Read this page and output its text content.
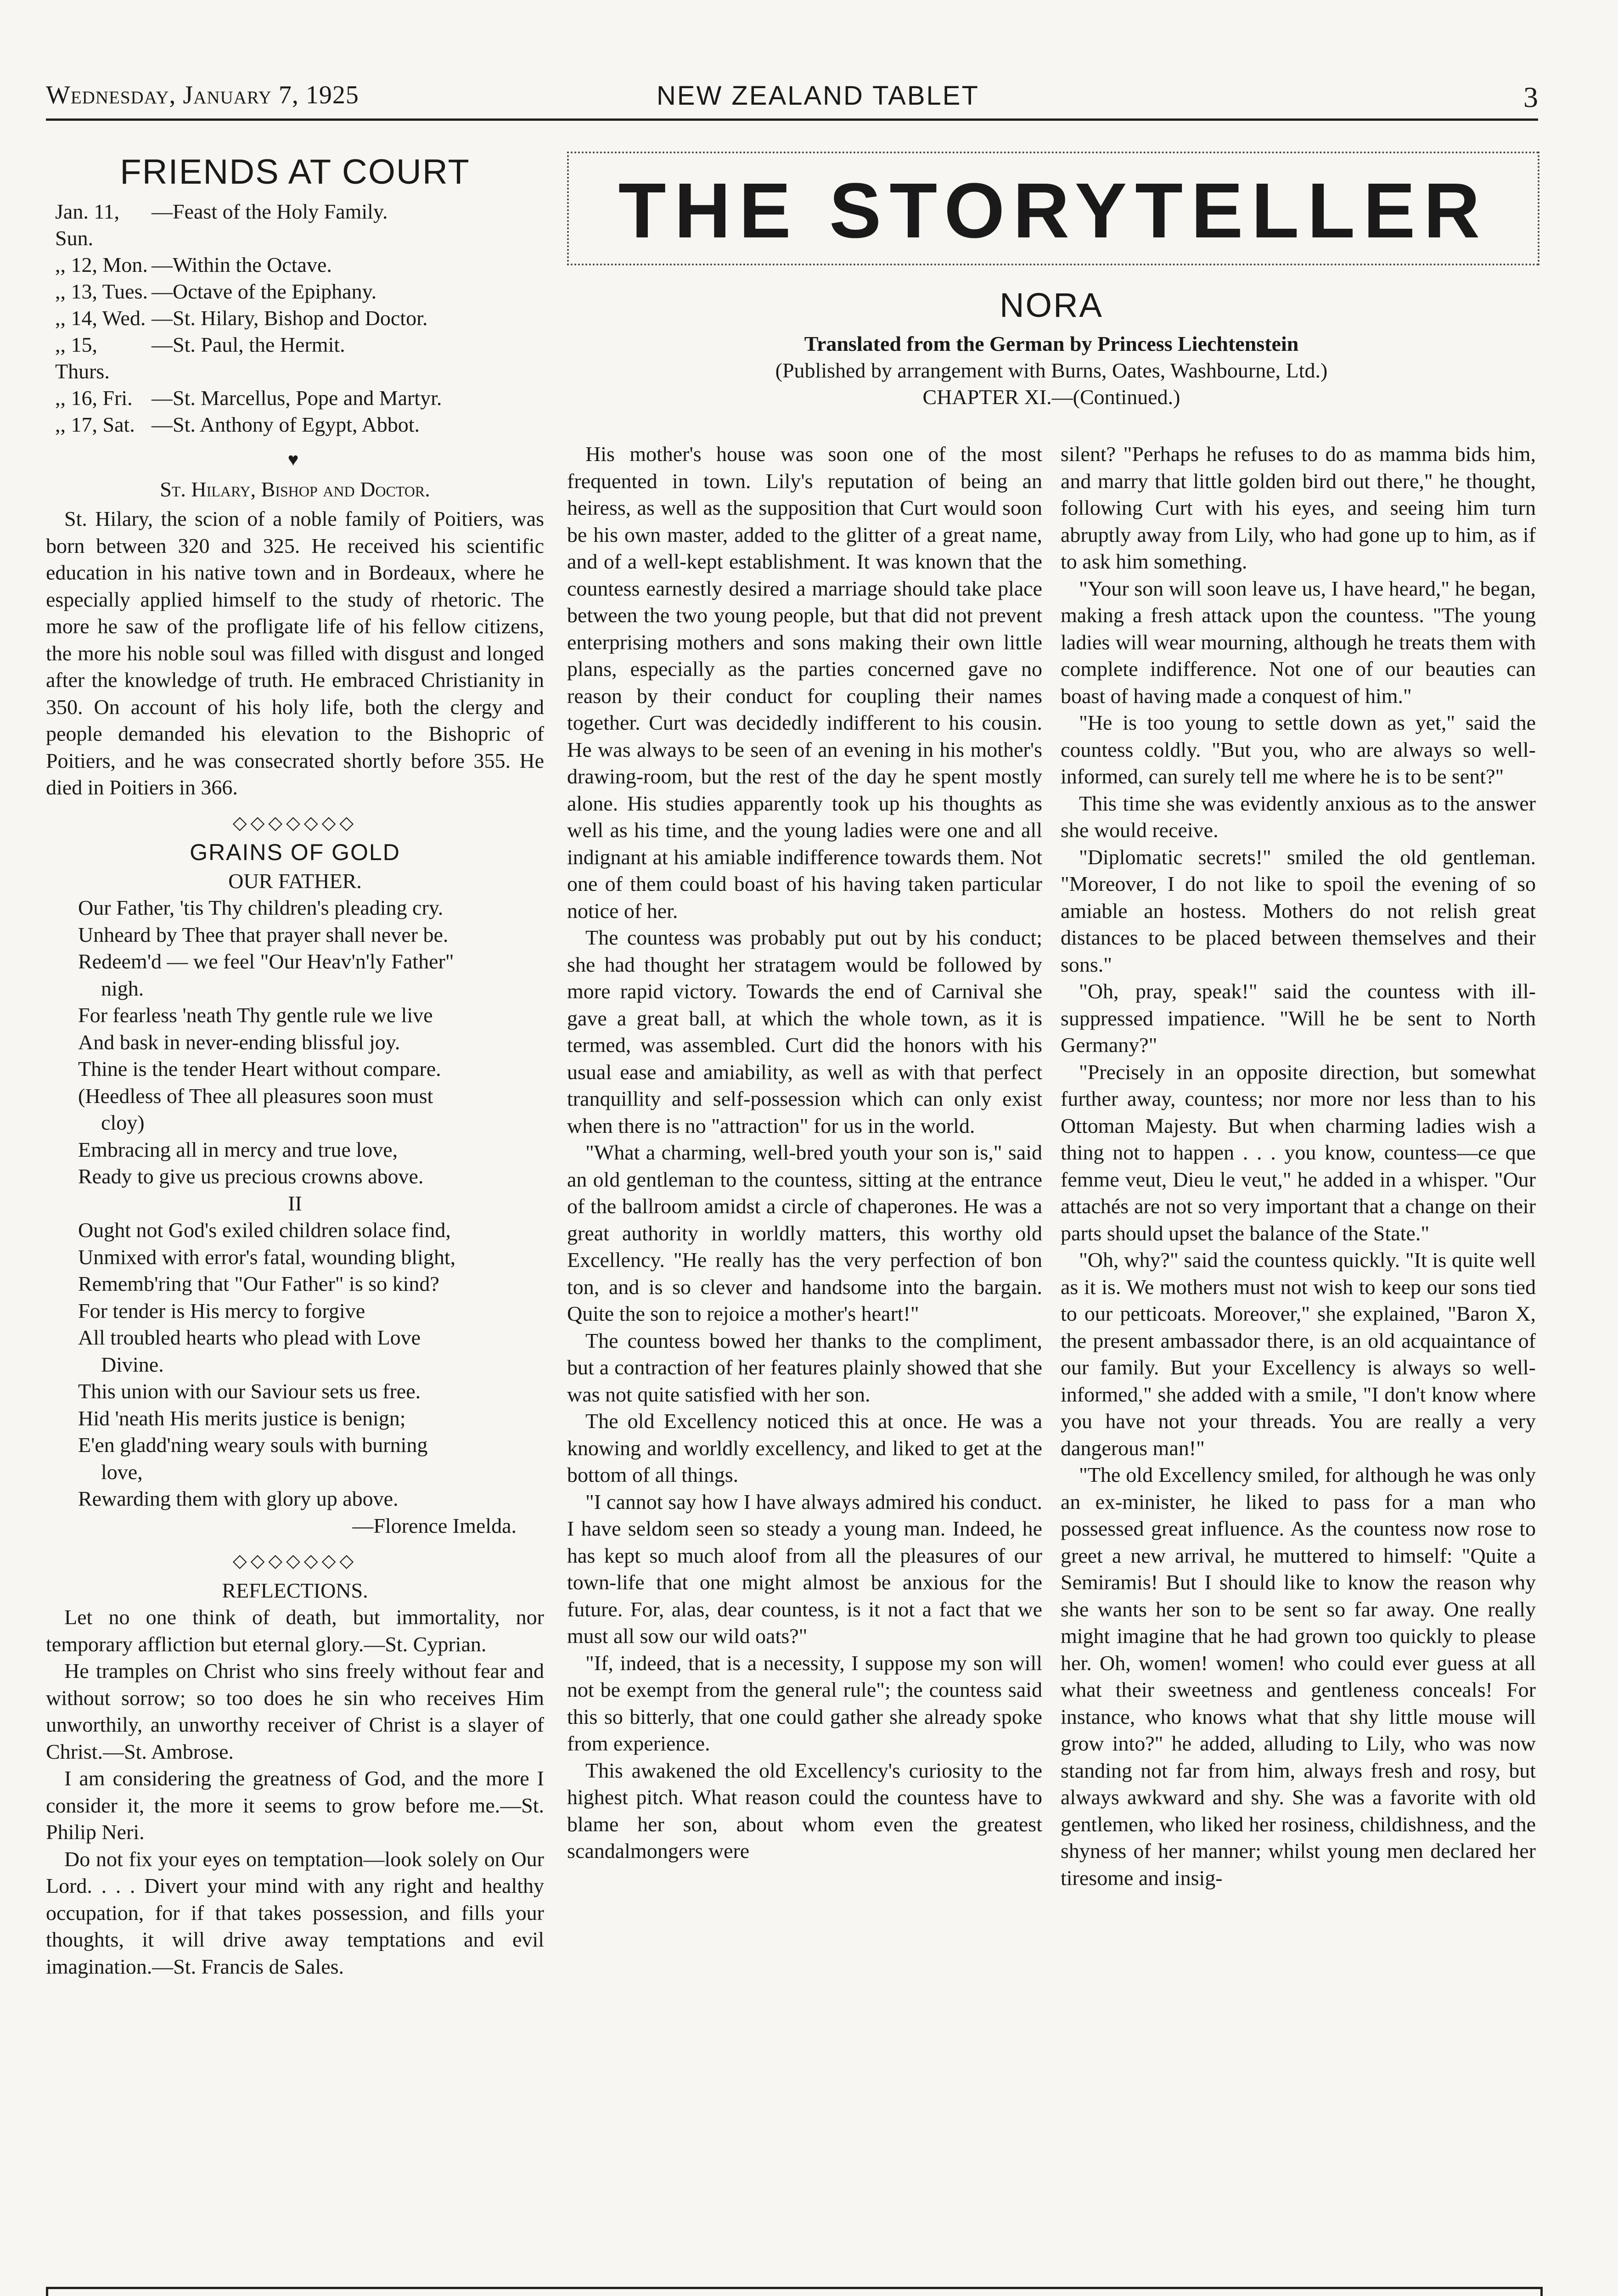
Wednesday, January 7, 1925	NEW ZEALAND TABLET	3
FRIENDS AT COURT
Jan. 11, Sun.
—Feast of the Holy Family.
,, 12, Mon. —Within the Octave.
,, 13, Tues. —Octave of the Epiphany.
,, 14, Wed. —St. Hilary, Bishop and Doctor.
,, 15, Thurs.
—St. Paul, the Hermit.
,, 16, Fri. —St. Marcellus, Pope and Martyr.
,, 17, Sat. —St. Anthony of Egypt, Abbot.
♥
St. Hilary, Bishop and Doctor.

St. Hilary, the scion of a noble family of Poitiers, was born between 320 and 325. He received his scientific education in his native town and in Bordeaux, where he especially applied himself to the study of rhetoric. The more he saw of the profligate life of his fellow citizens, the more his noble soul was filled with disgust and longed after the knowledge of truth. He embraced Christianity in 350. On account of his holy life, both the clergy and people demanded his elevation to the Bishopric of Poitiers, and he was consecrated shortly before 355. He died in Poitiers in 366.

◇◇◇◇◇◇◇
GRAINS OF GOLD
OUR FATHER.

Our Father, 'tis Thy children's pleading cry.

Unheard by Thee that prayer shall never be.

Redeem'd — we feel "Our Heav'n'ly Father"

nigh.

For fearless 'neath Thy gentle rule we live

And bask in never-ending blissful joy.

Thine is the tender Heart without compare.

(Heedless of Thee all pleasures soon must

cloy)

Embracing all in mercy and true love,

Ready to give us precious crowns above.

II

Ought not God's exiled children solace find,

Unmixed with error's fatal, wounding blight,

Rememb'ring that "Our Father" is so kind?

For tender is His mercy to forgive

All troubled hearts who plead with Love

Divine.

This union with our Saviour sets us free.

Hid 'neath His merits justice is benign;

E'en gladd'ning weary souls with burning

love,

Rewarding them with glory up above.

—Florence Imelda.
◇◇◇◇◇◇◇
REFLECTIONS.

Let no one think of death, but immortality, nor temporary affliction but eternal glory.—St. Cyprian.

He tramples on Christ who sins freely without fear and without sorrow; so too does he sin who receives Him unworthily, an unworthy receiver of Christ is a slayer of Christ.—St. Ambrose.

I am considering the greatness of God, and the more I consider it, the more it seems to grow before me.—St. Philip Neri.

Do not fix your eyes on temptation—look solely on Our Lord. . . . Divert your mind with any right and healthy occupation, for if that takes possession, and fills your thoughts, it will drive away temptations and evil imagination.—St. Francis de Sales.

THE STORYTELLER
NORA
Translated from the German by Princess Liechtenstein
(Published by arrangement with Burns, Oates, Washbourne, Ltd.)
CHAPTER XI.—(Continued.)

His mother's house was soon one of the most frequented in town. Lily's reputation of being an heiress, as well as the supposition that Curt would soon be his own master, added to the glitter of a great name, and of a well-kept establishment. It was known that the countess earnestly desired a marriage should take place between the two young people, but that did not prevent enterprising mothers and sons making their own little plans, especially as the parties concerned gave no reason by their conduct for coupling their names together. Curt was decidedly indifferent to his cousin. He was always to be seen of an evening in his mother's drawing-room, but the rest of the day he spent mostly alone. His studies apparently took up his thoughts as well as his time, and the young ladies were one and all indignant at his amiable indifference towards them. Not one of them could boast of his having taken particular notice of her.

The countess was probably put out by his conduct; she had thought her stratagem would be followed by more rapid victory. Towards the end of Carnival she gave a great ball, at which the whole town, as it is termed, was assembled. Curt did the honors with his usual ease and amiability, as well as with that perfect tranquillity and self-possession which can only exist when there is no "attraction" for us in the world.

"What a charming, well-bred youth your son is," said an old gentleman to the countess, sitting at the entrance of the ballroom amidst a circle of chaperones. He was a great authority in worldly matters, this worthy old Excellency. "He really has the very perfection of bon ton, and is so clever and handsome into the bargain. Quite the son to rejoice a mother's heart!"

The countess bowed her thanks to the compliment, but a contraction of her features plainly showed that she was not quite satisfied with her son.

The old Excellency noticed this at once. He was a knowing and worldly excellency, and liked to get at the bottom of all things.

"I cannot say how I have always admired his conduct. I have seldom seen so steady a young man. Indeed, he has kept so much aloof from all the pleasures of our town-life that one might almost be anxious for the future. For, alas, dear countess, is it not a fact that we must all sow our wild oats?"

"If, indeed, that is a necessity, I suppose my son will not be exempt from the general rule"; the countess said this so bitterly, that one could gather she already spoke from experience.

This awakened the old Excellency's curiosity to the highest pitch. What reason could the countess have to blame her son, about whom even the greatest scandalmongers were

silent? "Perhaps he refuses to do as mamma bids him, and marry that little golden bird out there," he thought, following Curt with his eyes, and seeing him turn abruptly away from Lily, who had gone up to him, as if to ask him something.

"Your son will soon leave us, I have heard," he began, making a fresh attack upon the countess. "The young ladies will wear mourning, although he treats them with complete indifference. Not one of our beauties can boast of having made a conquest of him."

"He is too young to settle down as yet," said the countess coldly. "But you, who are always so well-informed, can surely tell me where he is to be sent?"

This time she was evidently anxious as to the answer she would receive.

"Diplomatic secrets!" smiled the old gentleman. "Moreover, I do not like to spoil the evening of so amiable an hostess. Mothers do not relish great distances to be placed between themselves and their sons."

"Oh, pray, speak!" said the countess with ill-suppressed impatience. "Will he be sent to North Germany?"

"Precisely in an opposite direction, but somewhat further away, countess; nor more nor less than to his Ottoman Majesty. But when charming ladies wish a thing not to happen . . . you know, countess—ce que femme veut, Dieu le veut," he added in a whisper. "Our attachés are not so very important that a change on their parts should upset the balance of the State."

"Oh, why?" said the countess quickly. "It is quite well as it is. We mothers must not wish to keep our sons tied to our petticoats. Moreover," she explained, "Baron X, the present ambassador there, is an old acquaintance of our family. But your Excellency is always so well-informed," she added with a smile, "I don't know where you have not your threads. You are really a very dangerous man!"

"The old Excellency smiled, for although he was only an ex-minister, he liked to pass for a man who possessed great influence. As the countess now rose to greet a new arrival, he muttered to himself: "Quite a Semiramis! But I should like to know the reason why she wants her son to be sent so far away. One really might imagine that he had grown too quickly to please her. Oh, women! women! who could ever guess at all what their sweetness and gentleness conceals! For instance, who knows what that shy little mouse will grow into?" he added, alluding to Lily, who was now standing not far from him, always fresh and rosy, but always awkward and shy. She was a favorite with old gentlemen, who liked her rosiness, childishness, and the shyness of her manner; whilst young men declared her tiresome and insig-
